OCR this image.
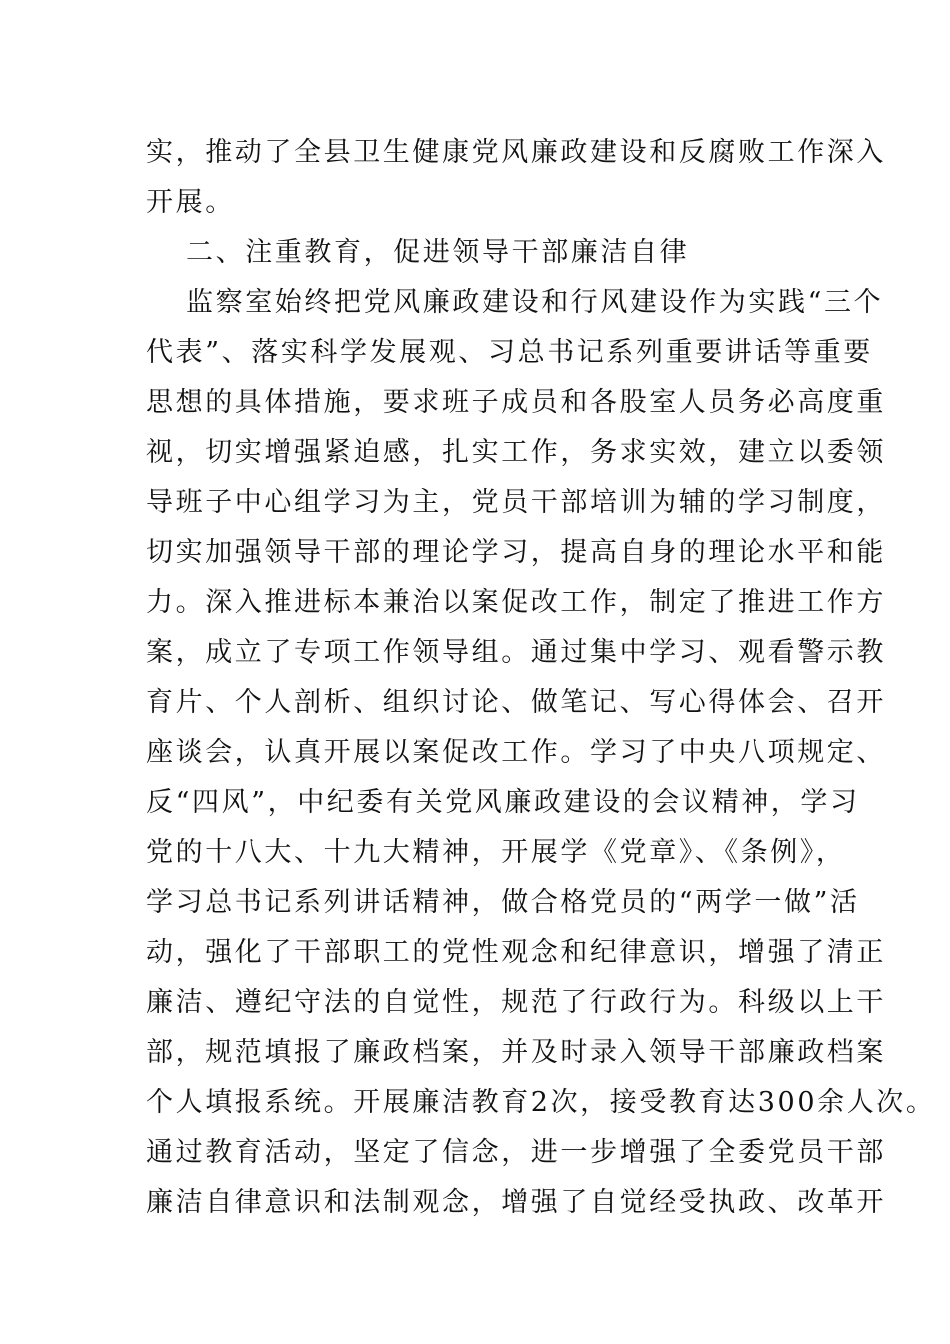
实，推动了全县卫生健康党风廉政建设和反腐败工作深入
开展。
二、注重教育，促进领导干部廉洁自律
监察室始终把党风廉政建设和行风建设作为实践“三个
代表”、落实科学发展观、习总书记系列重要讲话等重要
思想的具体措施，要求班子成员和各股室人员务必高度重
视，切实增强紧迫感，扎实工作，务求实效，建立以委领
导班子中心组学习为主，党员干部培训为辅的学习制度，
切实加强领导干部的理论学习，提高自身的理论水平和能
力。深入推进标本兼治以案促改工作，制定了推进工作方
案，成立了专项工作领导组。通过集中学习、观看警示教
育片、个人剖析、组织讨论、做笔记、写心得体会、召开
座谈会，认真开展以案促改工作。学习了中央八项规定、
反“四风”，中纪委有关党风廉政建设的会议精神，学习
党的十八大、十九大精神，开展学《党章》、《条例》，
学习总书记系列讲话精神，做合格党员的“两学一做”活
动，强化了干部职工的党性观念和纪律意识，增强了清正
廉洁、遵纪守法的自觉性，规范了行政行为。科级以上干
部，规范填报了廉政档案，并及时录入领导干部廉政档案
个人填报系统。开展廉洁教育2次，接受教育达300余人次。
通过教育活动，坚定了信念，进一步增强了全委党员干部
廉洁自律意识和法制观念，增强了自觉经受执政、改革开
